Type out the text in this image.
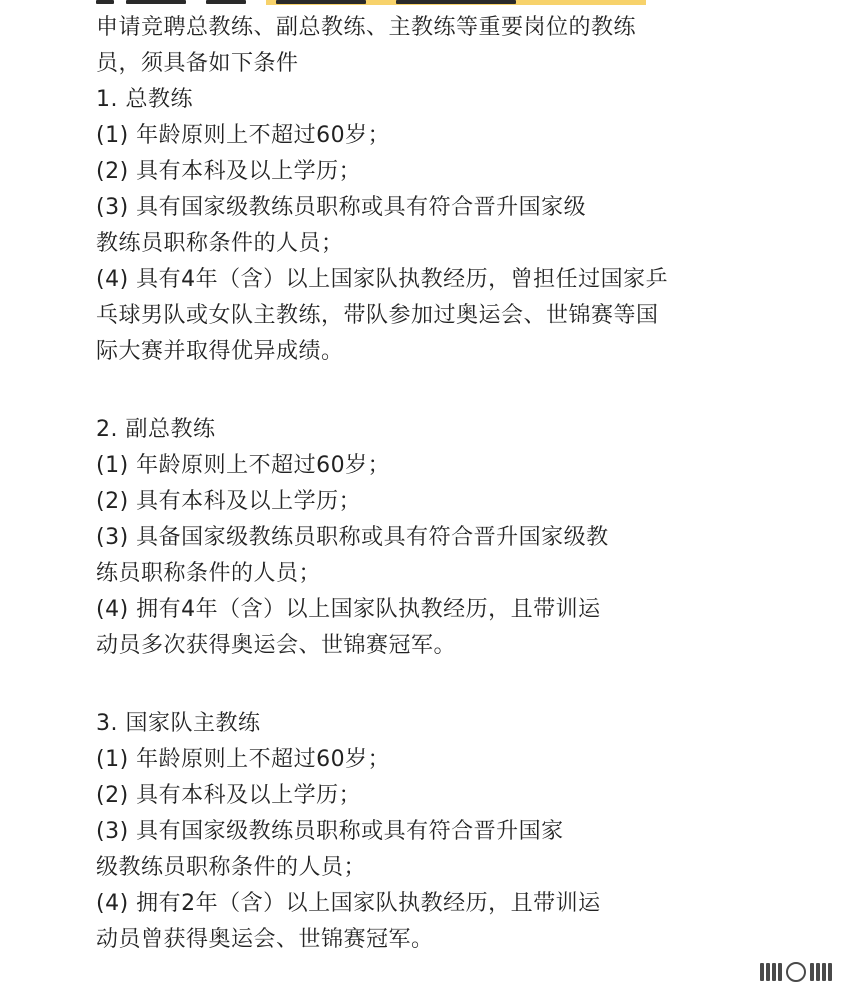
申请竞聘总教练、副总教练、主教练等重要岗位的教练
员，须具备如下条件
1. 总教练
(1) 年龄原则上不超过60岁；
(2) 具有本科及以上学历；
(3) 具有国家级教练员职称或具有符合晋升国家级
教练员职称条件的人员；
(4) 具有4年（含）以上国家队执教经历，曾担任过国家乒
乓球男队或女队主教练，带队参加过奥运会、世锦赛等国
际大赛并取得优异成绩。
2. 副总教练
(1) 年龄原则上不超过60岁；
(2) 具有本科及以上学历；
(3) 具备国家级教练员职称或具有符合晋升国家级教
练员职称条件的人员；
(4) 拥有4年（含）以上国家队执教经历，且带训运
动员多次获得奥运会、世锦赛冠军。
3. 国家队主教练
(1) 年龄原则上不超过60岁；
(2) 具有本科及以上学历；
(3) 具有国家级教练员职称或具有符合晋升国家
级教练员职称条件的人员；
(4) 拥有2年（含）以上国家队执教经历，且带训运
动员曾获得奥运会、世锦赛冠军。
